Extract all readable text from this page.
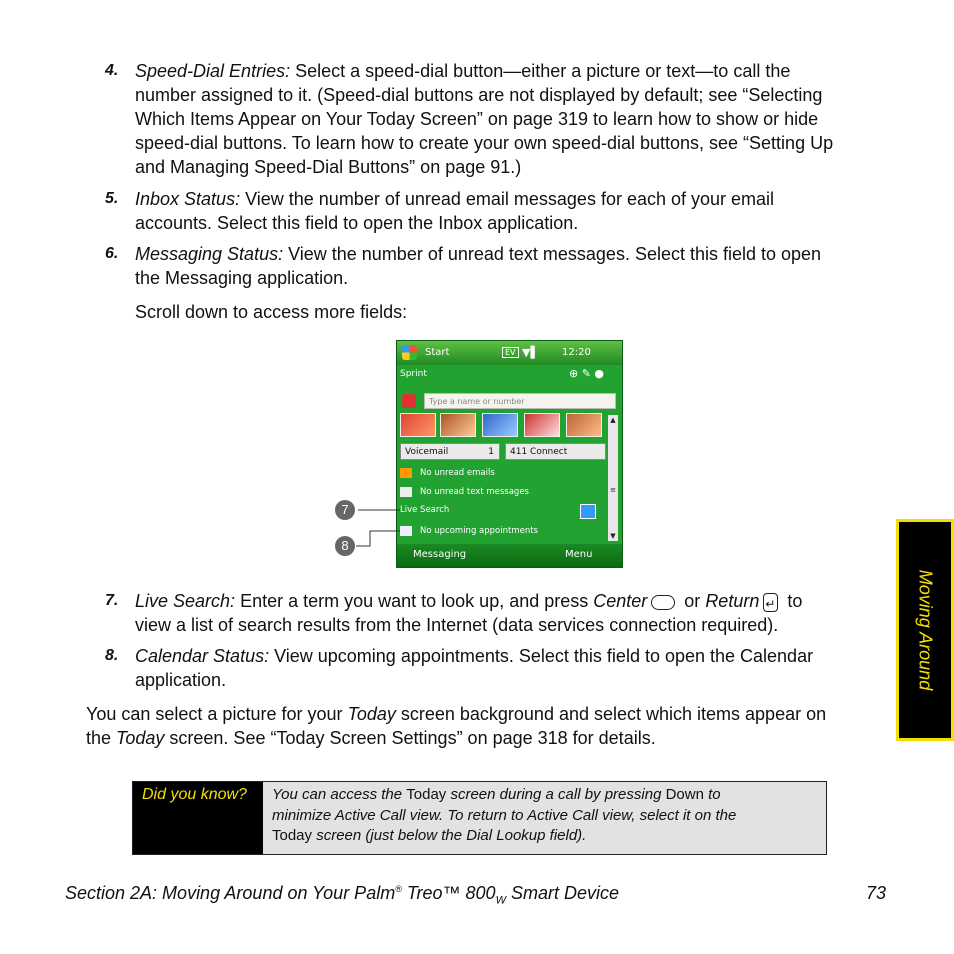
4. Speed-Dial Entries: Select a speed-dial button—either a picture or text—to call the
number assigned to it. (Speed-dial buttons are not displayed by default; see “Selecting
Which Items Appear on Your Today Screen” on page 319 to learn how to show or hide
speed-dial buttons. To learn how to create your own speed-dial buttons, see “Setting Up
and Managing Speed-Dial Buttons” on page 91.)
5. Inbox Status: View the number of unread email messages for each of your email
accounts. Select this field to open the Inbox application.
6. Messaging Status: View the number of unread text messages. Select this field to open
the Messaging application.
Scroll down to access more fields:
Start	EV ▼▌ 12:20
Sprint	⊕ ✎ ●
Type a name or number
▲
≡
▼
Voicemail	1	411 Connect
No unread emails
No unread text messages
Live Search
No upcoming appointments
Messaging	Menu
7
8
7. Live Search: Enter a term you want to look up, and press Center or Return↵ to
view a list of search results from the Internet (data services connection required).
8. Calendar Status: View upcoming appointments. Select this field to open the Calendar
application.
You can select a picture for your Today screen background and select which items appear on
the Today screen. See “Today Screen Settings” on page 318 for details.
Moving Around
Did you know?	You can access the Today screen during a call by pressing Down to
minimize Active Call view. To return to Active Call view, select it on the
Today screen (just below the Dial Lookup field).
Section 2A: Moving Around on Your Palm® Treo™ $800_W$ Smart Device	73
